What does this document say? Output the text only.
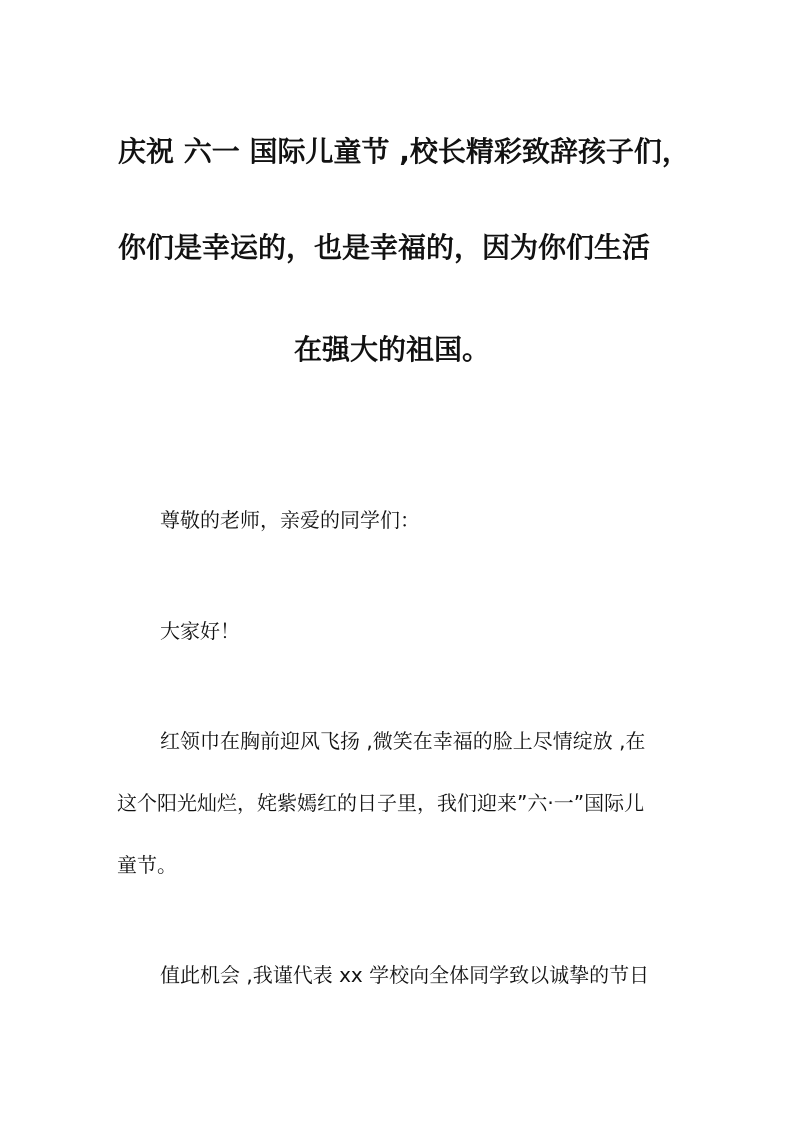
庆祝 六一 国际儿童节 ,校长精彩致辞孩子们，
你们是幸运的，也是幸福的，因为你们生活
在强大的祖国。
尊敬的老师，亲爱的同学们：
大家好！
红领巾在胸前迎风飞扬 ,微笑在幸福的脸上尽情绽放 ,在
这个阳光灿烂，姹紫嫣红的日子里，我们迎来”六·一”国际儿
童节。
值此机会 ,我谨代表 xx 学校向全体同学致以诚挚的节日
